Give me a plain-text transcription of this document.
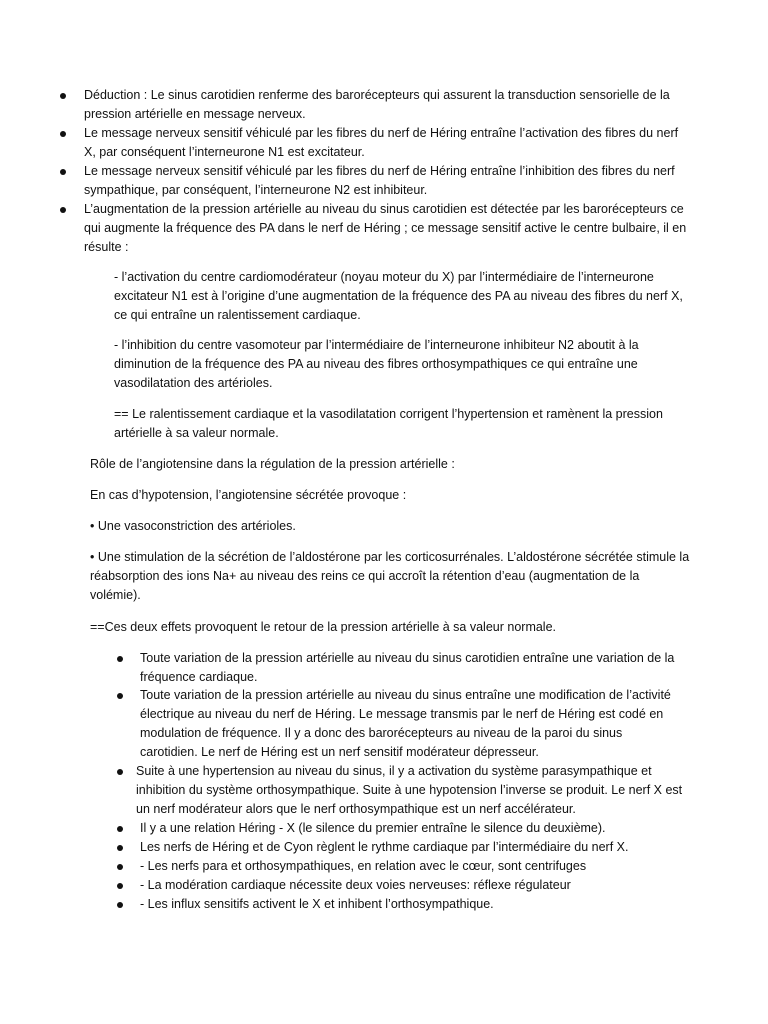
Déduction : Le sinus carotidien renferme des barorécepteurs qui assurent la transduction sensorielle de la pression artérielle en message nerveux.
Le message nerveux sensitif véhiculé par les fibres du nerf de Héring entraîne l’activation des fibres du nerf X, par conséquent l’interneurone N1 est excitateur.
Le message nerveux sensitif véhiculé par les fibres du nerf de Héring entraîne l’inhibition des fibres du nerf sympathique, par conséquent, l’interneurone N2 est inhibiteur.
L’augmentation de la pression artérielle au niveau du sinus carotidien est détectée par les barorécepteurs ce qui augmente la fréquence des PA dans le nerf de Héring ; ce message sensitif active le centre bulbaire, il en résulte :
- l’activation du centre cardiomodérateur (noyau moteur du X) par l’intermédiaire de l’interneurone excitateur N1 est à l’origine d’une augmentation de la fréquence des PA au niveau des fibres du nerf X, ce qui entraîne un ralentissement cardiaque.
- l’inhibition du centre vasomoteur par l’intermédiaire de l’interneurone inhibiteur N2 aboutit à la diminution de la fréquence des PA au niveau des fibres orthosympathiques ce qui entraîne une vasodilatation des artérioles.
== Le ralentissement cardiaque et la vasodilatation corrigent l’hypertension et ramènent la pression artérielle à sa valeur normale.
Rôle de l’angiotensine dans la régulation de la pression artérielle :
En cas d’hypotension, l’angiotensine sécrétée provoque :
• Une vasoconstriction des artérioles.
• Une stimulation de la sécrétion de l’aldostérone par les corticosurrénales. L’aldostérone sécrétée stimule la réabsorption des ions Na+ au niveau des reins ce qui accroît la rétention d’eau (augmentation de la volémie).
==Ces deux effets provoquent le retour de la pression artérielle à sa valeur normale.
Toute variation de la pression artérielle au niveau du sinus carotidien entraîne une variation de la fréquence cardiaque.
Toute variation de la pression artérielle au niveau du sinus entraîne une modification de l’activité électrique au niveau du nerf de Héring. Le message transmis par le nerf de Héring est codé en modulation de fréquence. Il y a donc des barorécepteurs au niveau de la paroi du sinus carotidien. Le nerf de Héring est un nerf sensitif modérateur dépresseur.
Suite à une hypertension au niveau du sinus, il y a activation du système parasympathique et inhibition du système orthosympathique. Suite à une hypotension l’inverse se produit. Le nerf X est un nerf modérateur alors que le nerf orthosympathique est un nerf accélérateur.
Il y a une relation Héring - X (le silence du premier entraîne le silence du deuxième).
Les nerfs de Héring et de Cyon règlent le rythme cardiaque par l’intermédiaire du nerf X.
- Les nerfs para et orthosympathiques, en relation avec le cœur, sont centrifuges
- La modération cardiaque nécessite deux voies nerveuses: réflexe régulateur
- Les influx sensitifs activent le X et inhibent l’orthosympathique.
